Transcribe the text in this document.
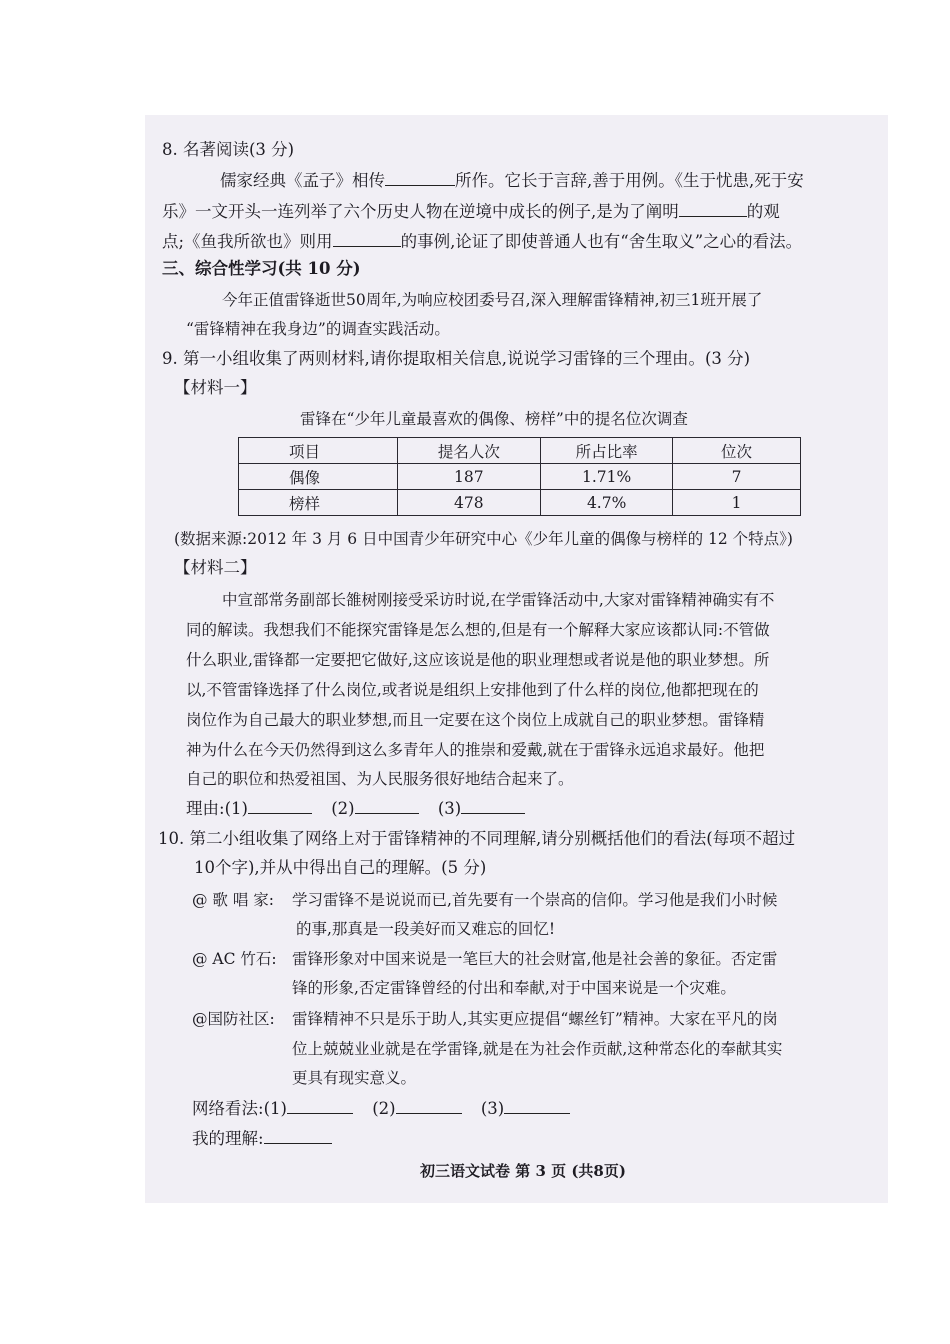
8. 名著阅读(3 分)
儒家经典《孟子》相传	所作。它长于言辞,善于用例。《生于忧患,死于安
乐》一文开头一连列举了六个历史人物在逆境中成长的例子,是为了阐明	的观
点;《鱼我所欲也》则用	的事例,论证了即使普通人也有“舍生取义”之心的看法。
三、综合性学习(共 10 分)
今年正值雷锋逝世50周年,为响应校团委号召,深入理解雷锋精神,初三1班开展了
“雷锋精神在我身边”的调查实践活动。
9. 第一小组收集了两则材料,请你提取相关信息,说说学习雷锋的三个理由。(3 分)
【材料一】
雷锋在“少年儿童最喜欢的偶像、榜样”中的提名位次调查
项目	提名人次	所占比率	位次
偶像	187	1.71%	7
榜样	478	4.7%	1
(数据来源:2012 年 3 月 6 日中国青少年研究中心《少年儿童的偶像与榜样的 12 个特点》)
【材料二】
中宣部常务副部长雒树刚接受采访时说,在学雷锋活动中,大家对雷锋精神确实有不
同的解读。我想我们不能探究雷锋是怎么想的,但是有一个解释大家应该都认同:不管做
什么职业,雷锋都一定要把它做好,这应该说是他的职业理想或者说是他的职业梦想。所
以,不管雷锋选择了什么岗位,或者说是组织上安排他到了什么样的岗位,他都把现在的
岗位作为自己最大的职业梦想,而且一定要在这个岗位上成就自己的职业梦想。雷锋精
神为什么在今天仍然得到这么多青年人的推崇和爱戴,就在于雷锋永远追求最好。他把
自己的职位和热爱祖国、为人民服务很好地结合起来了。
理由:(1)	(2)	(3)
10. 第二小组收集了网络上对于雷锋精神的不同理解,请分别概括他们的看法(每项不超过
10个字),并从中得出自己的理解。(5 分)
@ 歌 唱 家: 学习雷锋不是说说而已,首先要有一个崇高的信仰。学习他是我们小时候
的事,那真是一段美好而又难忘的回忆!
@ AC 竹石: 雷锋形象对中国来说是一笔巨大的社会财富,他是社会善的象征。否定雷
锋的形象,否定雷锋曾经的付出和奉献,对于中国来说是一个灾难。
@国防社区: 雷锋精神不只是乐于助人,其实更应提倡“螺丝钉”精神。大家在平凡的岗
位上兢兢业业就是在学雷锋,就是在为社会作贡献,这种常态化的奉献其实
更具有现实意义。
网络看法:(1)	(2)	(3)
我的理解:
初三语文试卷 第 3 页 (共8页)
